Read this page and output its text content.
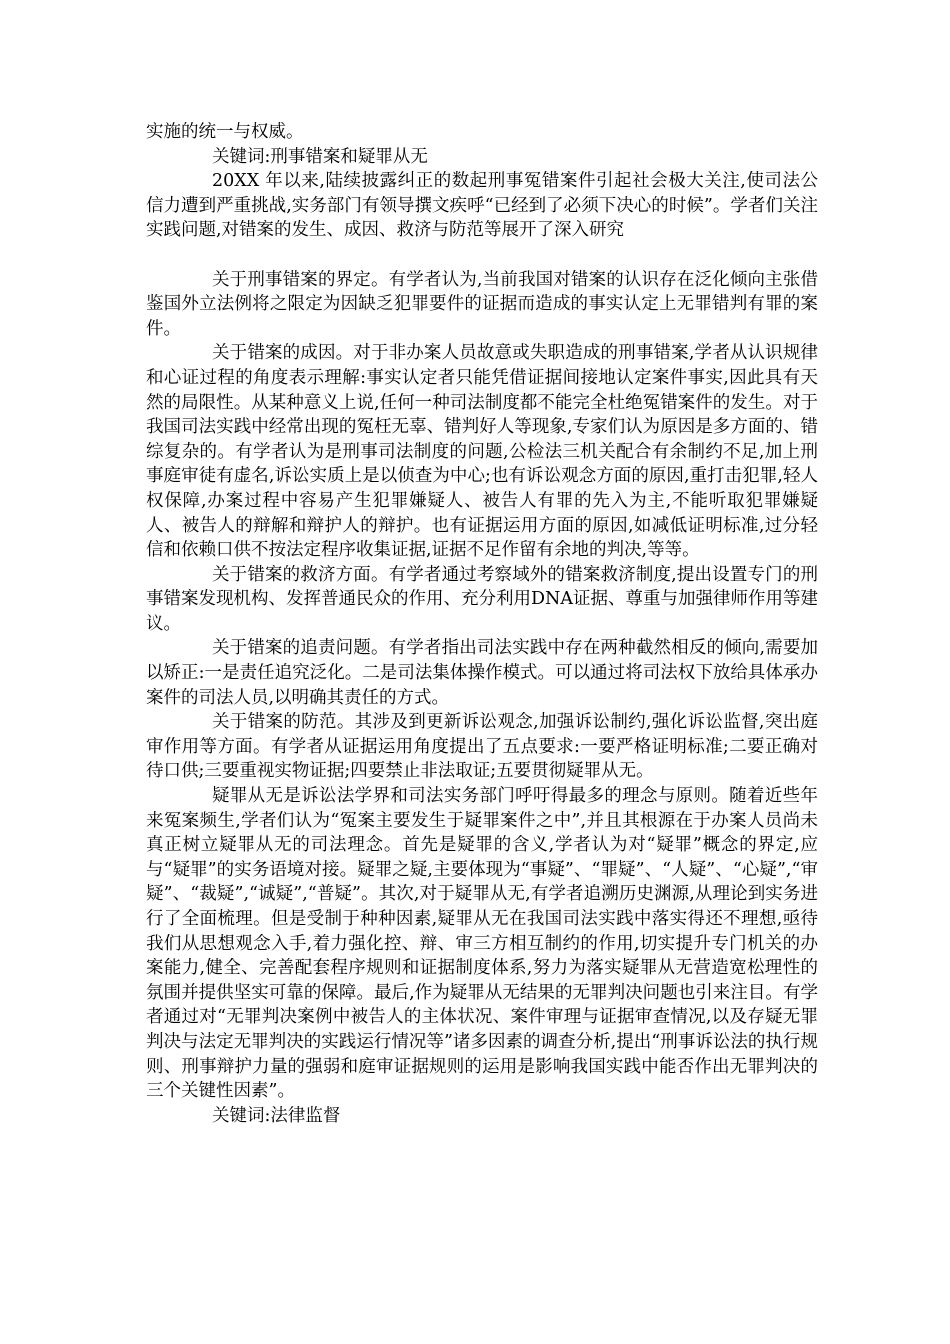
实施的统一与权威。

关键词:刑事错案和疑罪从无

20XX 年以来,陆续披露纠正的数起刑事冤错案件引起社会极大关注,使司法公信力遭到严重挑战,实务部门有领导撰文疾呼“已经到了必须下决心的时候”。学者们关注实践问题,对错案的发生、成因、救济与防范等展开了深入研究

关于刑事错案的界定。有学者认为,当前我国对错案的认识存在泛化倾向主张借鉴国外立法例将之限定为因缺乏犯罪要件的证据而造成的事实认定上无罪错判有罪的案件。

关于错案的成因。对于非办案人员故意或失职造成的刑事错案,学者从认识规律和心证过程的角度表示理解:事实认定者只能凭借证据间接地认定案件事实,因此具有天然的局限性。从某种意义上说,任何一种司法制度都不能完全杜绝冤错案件的发生。对于我国司法实践中经常出现的冤枉无辜、错判好人等现象,专家们认为原因是多方面的、错综复杂的。有学者认为是刑事司法制度的问题,公检法三机关配合有余制约不足,加上刑事庭审徒有虚名,诉讼实质上是以侦查为中心;也有诉讼观念方面的原因,重打击犯罪,轻人权保障,办案过程中容易产生犯罪嫌疑人、被告人有罪的先入为主,不能听取犯罪嫌疑人、被告人的辩解和辩护人的辩护。也有证据运用方面的原因,如减低证明标准,过分轻信和依赖口供不按法定程序收集证据,证据不足作留有余地的判决,等等。

关于错案的救济方面。有学者通过考察域外的错案救济制度,提出设置专门的刑事错案发现机构、发挥普通民众的作用、充分利用DNA证据、尊重与加强律师作用等建议。

关于错案的追责问题。有学者指出司法实践中存在两种截然相反的倾向,需要加以矫正:一是责任追究泛化。二是司法集体操作模式。可以通过将司法权下放给具体承办案件的司法人员,以明确其责任的方式。

关于错案的防范。其涉及到更新诉讼观念,加强诉讼制约,强化诉讼监督,突出庭审作用等方面。有学者从证据运用角度提出了五点要求:一要严格证明标准;二要正确对待口供;三要重视实物证据;四要禁止非法取证;五要贯彻疑罪从无。

疑罪从无是诉讼法学界和司法实务部门呼吁得最多的理念与原则。随着近些年来冤案频生,学者们认为“冤案主要发生于疑罪案件之中”,并且其根源在于办案人员尚未真正树立疑罪从无的司法理念。首先是疑罪的含义,学者认为对“疑罪”概念的界定,应与“疑罪”的实务语境对接。疑罪之疑,主要体现为“事疑”、“罪疑”、“人疑”、“心疑”,“审疑”、“裁疑”,“诚疑”,“普疑”。其次,对于疑罪从无,有学者追溯历史渊源,从理论到实务进行了全面梳理。但是受制于种种因素,疑罪从无在我国司法实践中落实得还不理想,亟待我们从思想观念入手,着力强化控、辩、审三方相互制约的作用,切实提升专门机关的办案能力,健全、完善配套程序规则和证据制度体系,努力为落实疑罪从无营造宽松理性的氛围并提供坚实可靠的保障。最后,作为疑罪从无结果的无罪判决问题也引来注目。有学者通过对“无罪判决案例中被告人的主体状况、案件审理与证据审查情况,以及存疑无罪判决与法定无罪判决的实践运行情况等”诸多因素的调查分析,提出“刑事诉讼法的执行规则、刑事辩护力量的强弱和庭审证据规则的运用是影响我国实践中能否作出无罪判决的三个关键性因素”。

关键词:法律监督
